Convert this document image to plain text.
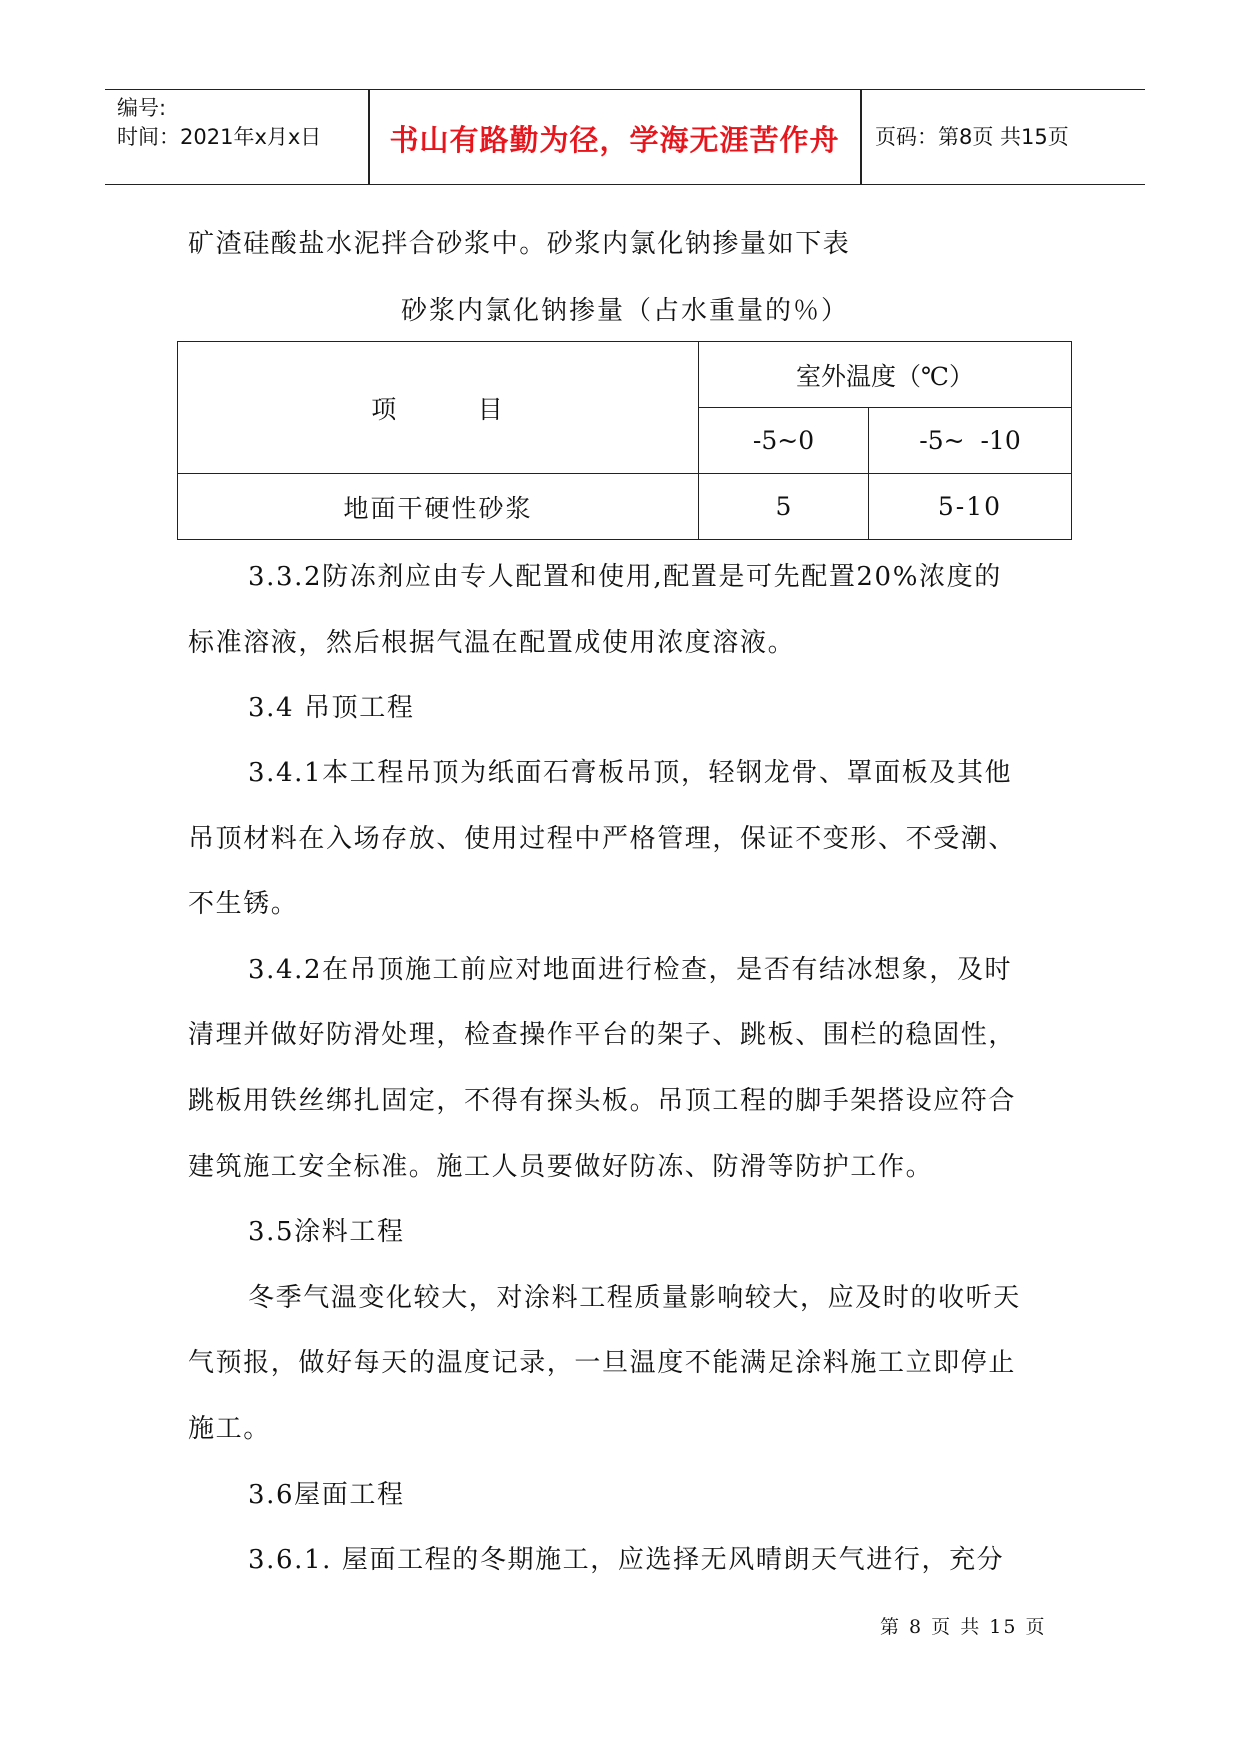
编号:
时间：2021年x月x日	书山有路勤为径，学海无涯苦作舟	页码：第8页 共15页
矿渣硅酸盐水泥拌合砂浆中。砂浆内氯化钠掺量如下表
砂浆内氯化钠掺量（占水重量的％）
项        目	室外温度（℃）	
	-5~0	-5~  -10
地面干硬性砂浆	5	5-10
3.3.2防冻剂应由专人配置和使用,配置是可先配置20%浓度的
标准溶液，然后根据气温在配置成使用浓度溶液。
3.4 吊顶工程
3.4.1本工程吊顶为纸面石膏板吊顶，轻钢龙骨、罩面板及其他
吊顶材料在入场存放、使用过程中严格管理，保证不变形、不受潮、
不生锈。
3.4.2在吊顶施工前应对地面进行检查，是否有结冰想象，及时
清理并做好防滑处理，检查操作平台的架子、跳板、围栏的稳固性，
跳板用铁丝绑扎固定，不得有探头板。吊顶工程的脚手架搭设应符合
建筑施工安全标准。施工人员要做好防冻、防滑等防护工作。
3.5涂料工程
冬季气温变化较大，对涂料工程质量影响较大，应及时的收听天
气预报，做好每天的温度记录，一旦温度不能满足涂料施工立即停止
施工。
3.6屋面工程
3.6.1. 屋面工程的冬期施工，应选择无风晴朗天气进行，充分
第 8 页 共 15 页
